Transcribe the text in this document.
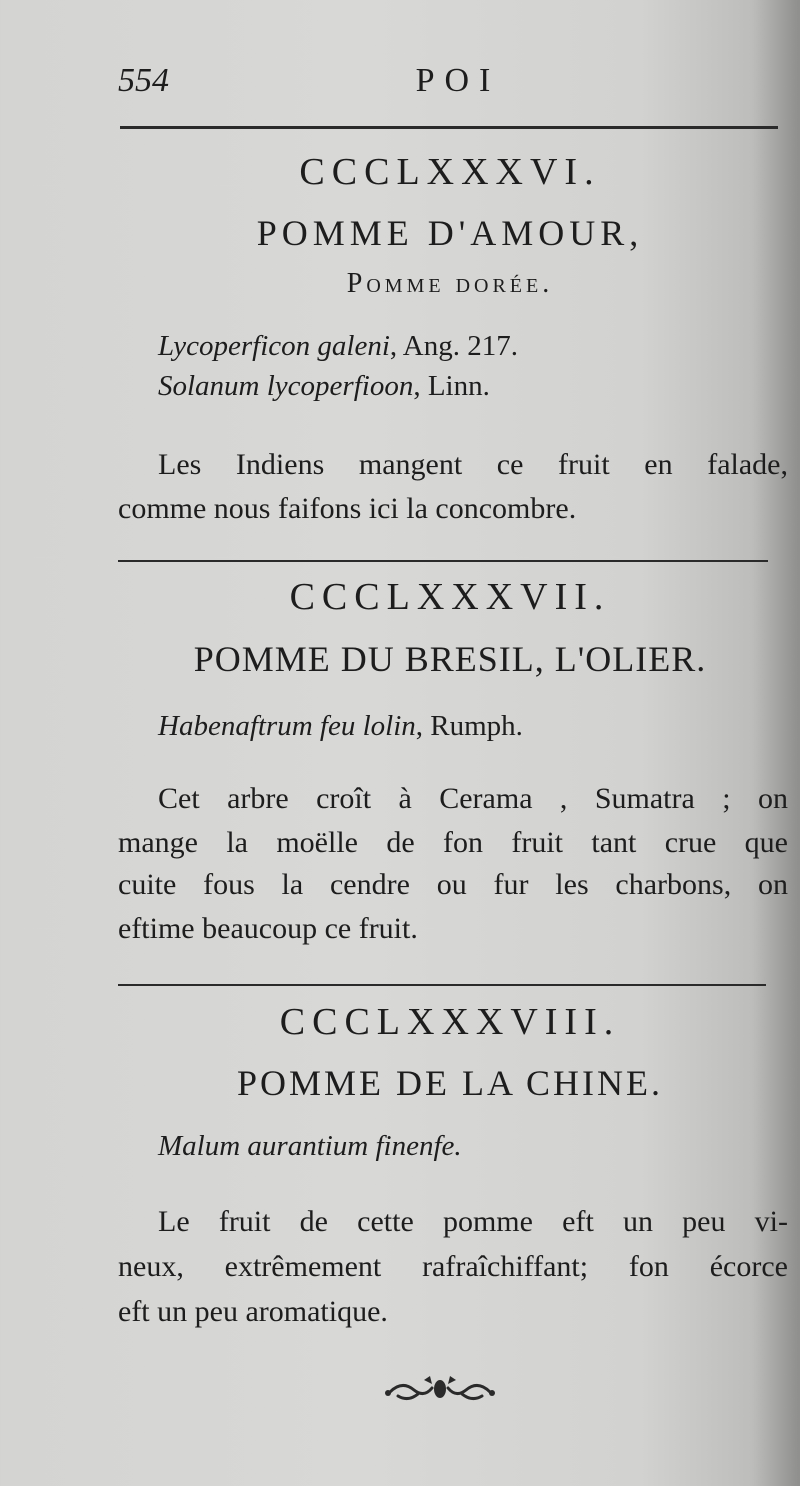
554	POI
CCCLXXXVI.
POMME D'AMOUR,
Pomme dorée.
Lycoperficon galeni, Ang. 217.
Solanum lycoperfioon, Linn.
Les Indiens mangent ce fruit en falade,
comme nous faifons ici la concombre.
CCCLXXXVII.
POMME DU BRESIL, L'OLIER.
Habenaftrum feu lolin, Rumph.
Cet arbre croît à Cerama , Sumatra ; on
mange la moëlle de fon fruit tant crue que
cuite fous la cendre ou fur les charbons, on
eftime beaucoup ce fruit.
CCCLXXXVIII.
POMME DE LA CHINE.
Malum aurantium finenfe.
Le fruit de cette pomme eft un peu vi-
neux, extrêmement rafraîchiffant; fon écorce
eft un peu aromatique.
